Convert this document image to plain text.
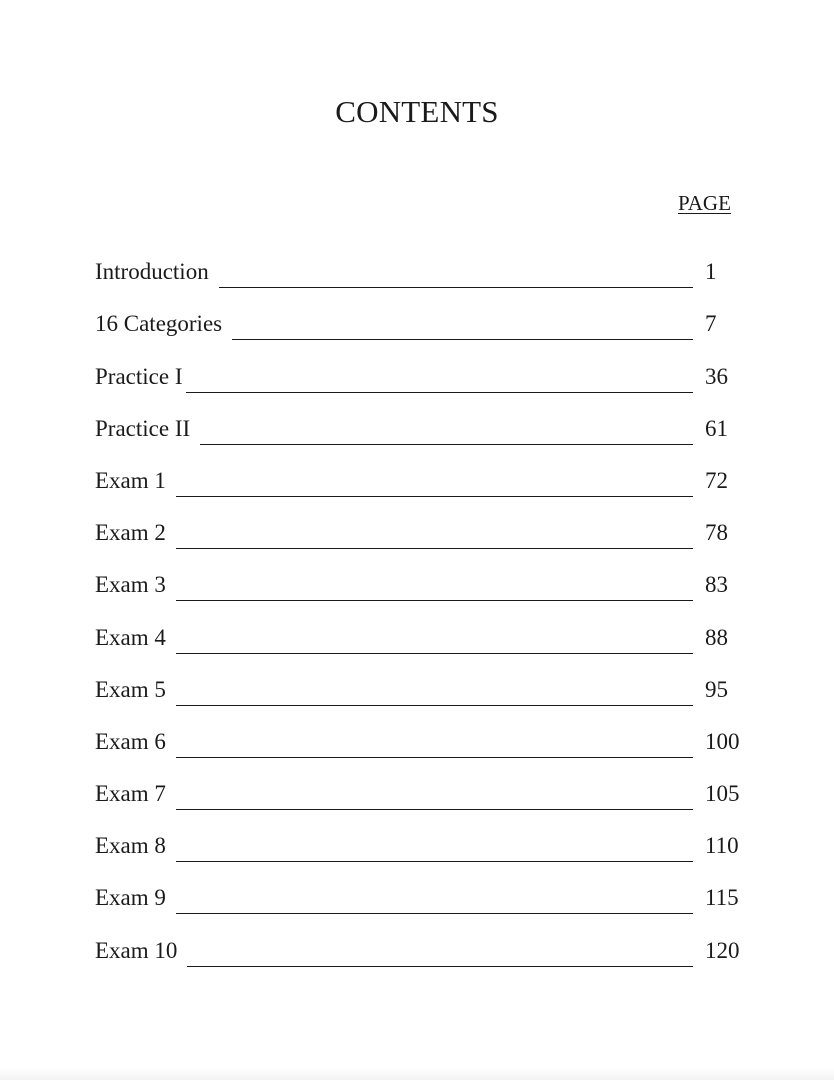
CONTENTS
PAGE
Introduction	1
16 Categories	7
Practice I	36
Practice II	61
Exam 1	72
Exam 2	78
Exam 3	83
Exam 4	88
Exam 5	95
Exam 6	100
Exam 7	105
Exam 8	110
Exam 9	115
Exam 10	120
